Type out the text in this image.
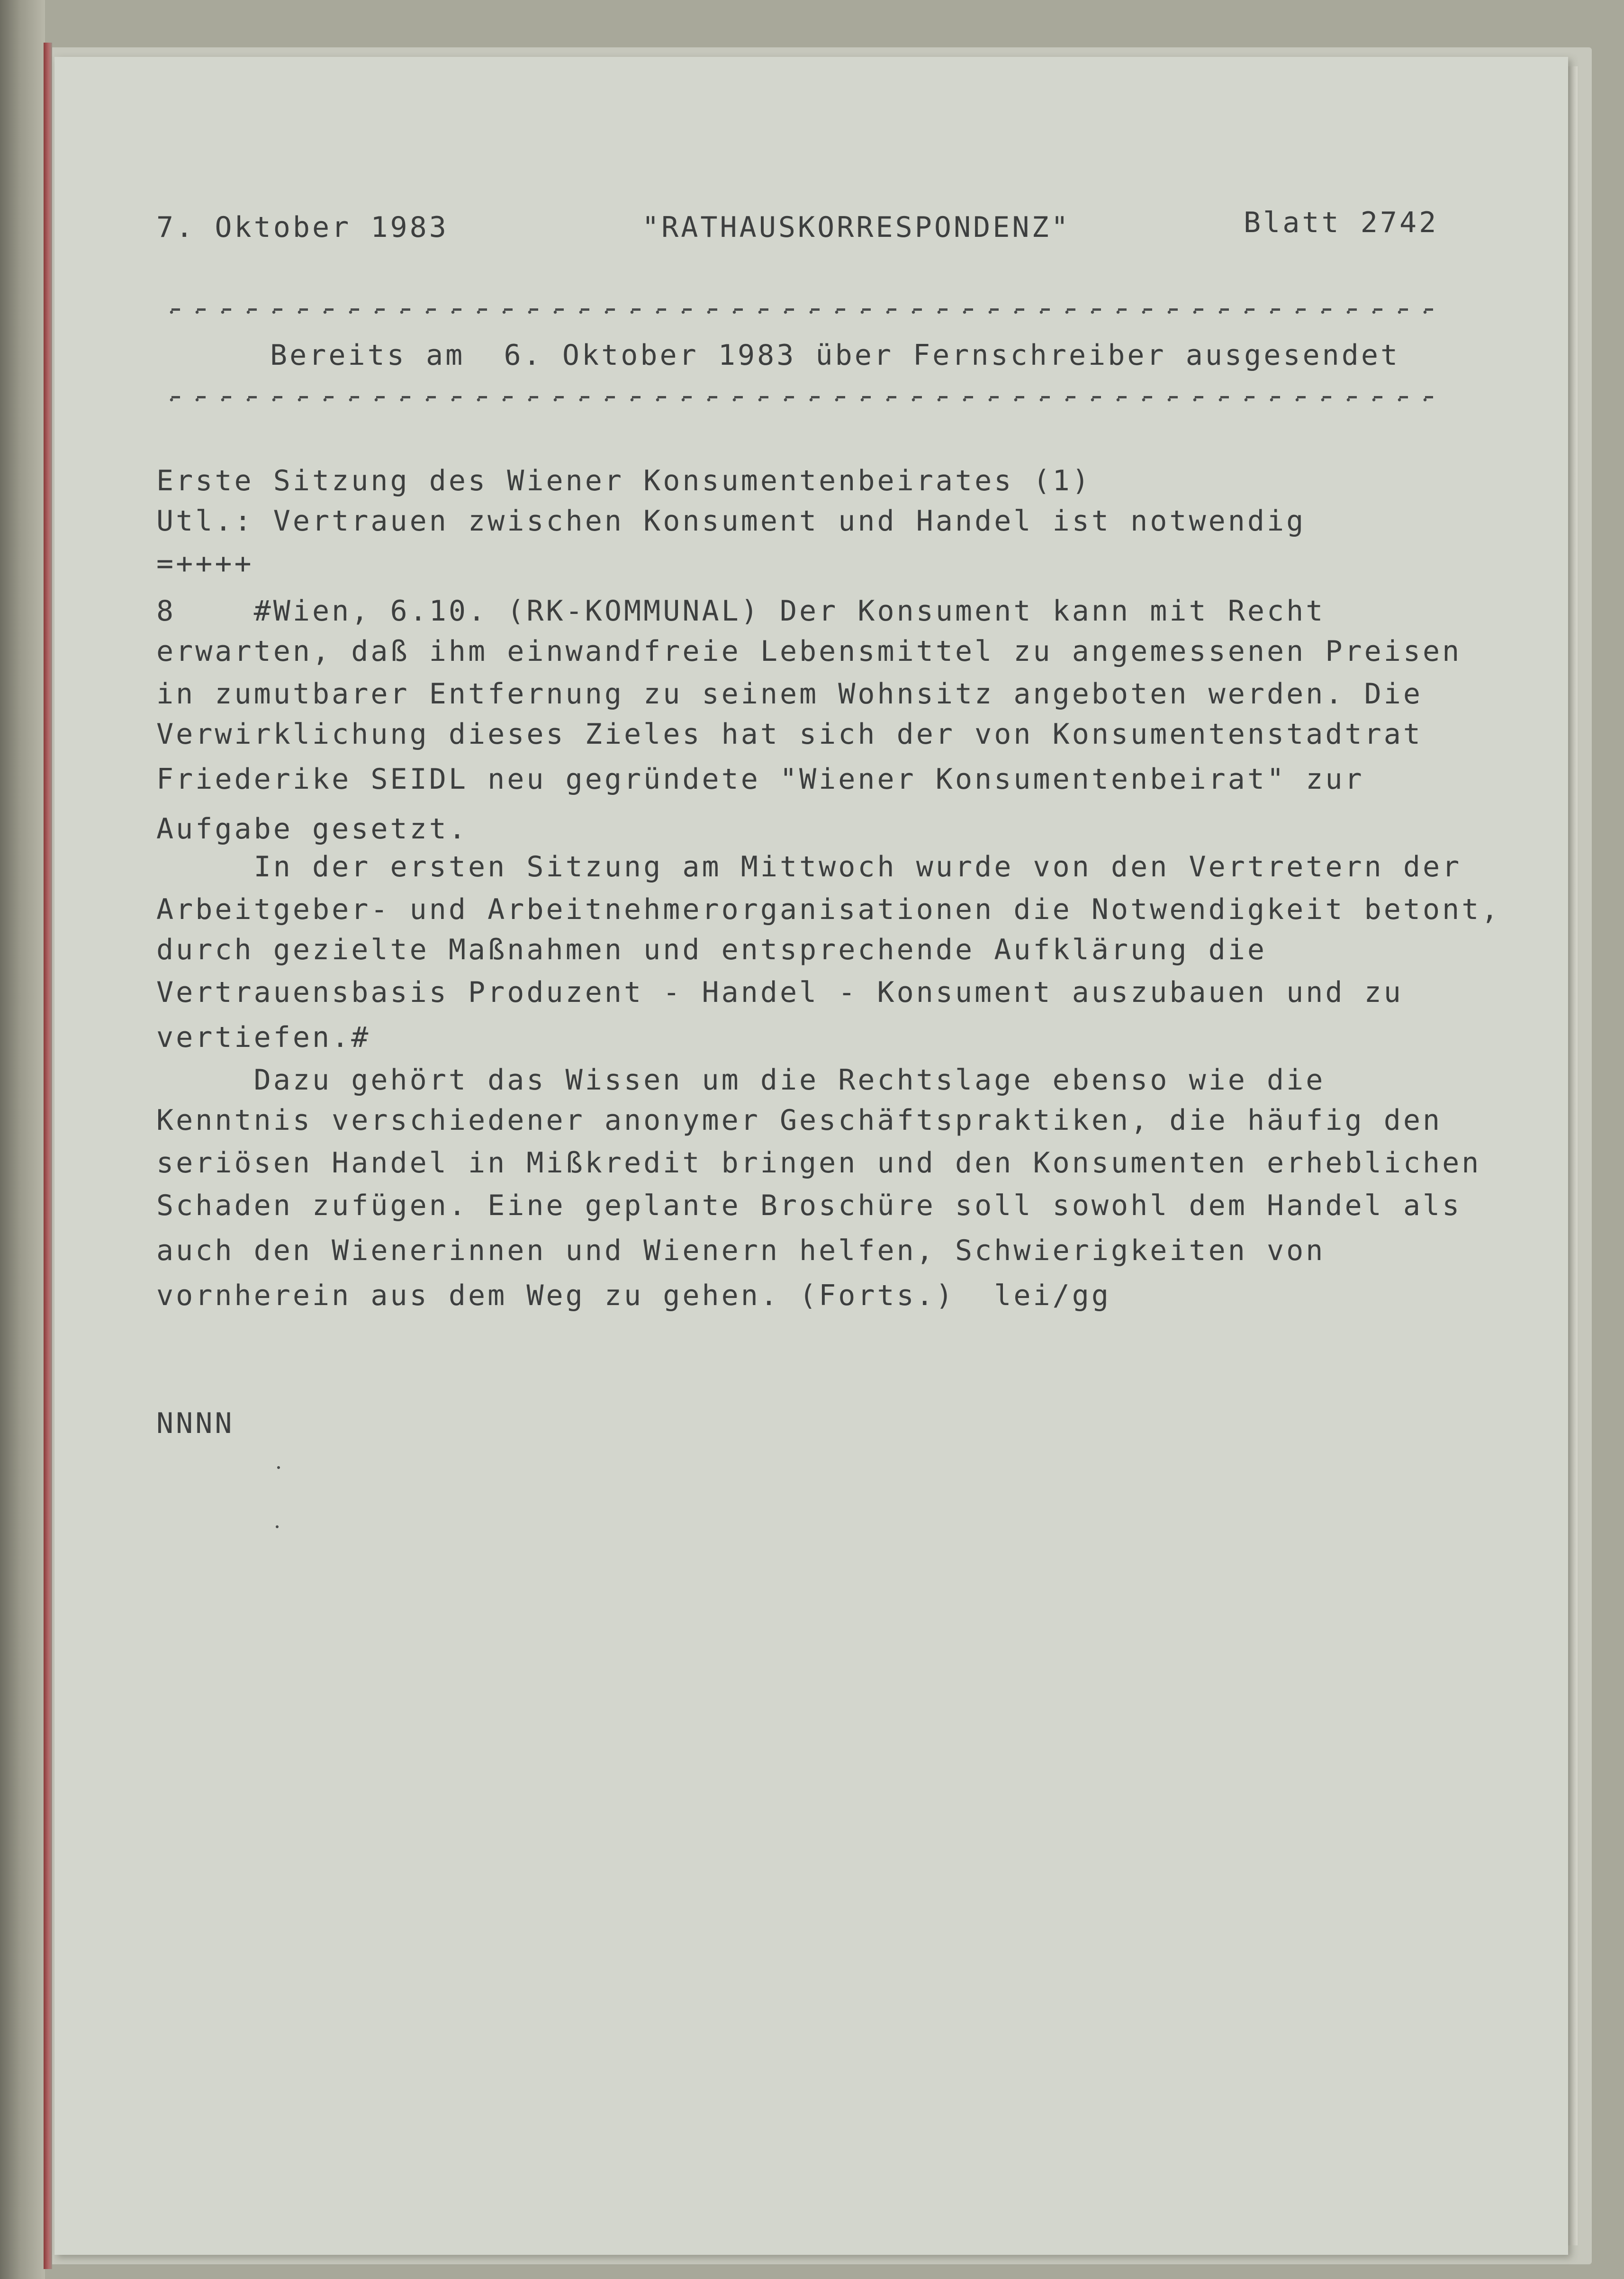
7. Oktober 1983	"RATHAUSKORRESPONDENZ"	Blatt 2742
Bereits am  6. Oktober 1983 über Fernschreiber ausgesendet
Erste Sitzung des Wiener Konsumentenbeirates (1)
Utl.: Vertrauen zwischen Konsument und Handel ist notwendig
=++++
8    #Wien, 6.10. (RK-KOMMUNAL) Der Konsument kann mit Recht
erwarten, daß ihm einwandfreie Lebensmittel zu angemessenen Preisen
in zumutbarer Entfernung zu seinem Wohnsitz angeboten werden. Die
Verwirklichung dieses Zieles hat sich der von Konsumentenstadtrat
Friederike SEIDL neu gegründete "Wiener Konsumentenbeirat" zur
Aufgabe gesetzt.
In der ersten Sitzung am Mittwoch wurde von den Vertretern der
Arbeitgeber- und Arbeitnehmerorganisationen die Notwendigkeit betont,
durch gezielte Maßnahmen und entsprechende Aufklärung die
Vertrauensbasis Produzent - Handel - Konsument auszubauen und zu
vertiefen.#
Dazu gehört das Wissen um die Rechtslage ebenso wie die
Kenntnis verschiedener anonymer Geschäftspraktiken, die häufig den
seriösen Handel in Mißkredit bringen und den Konsumenten erheblichen
Schaden zufügen. Eine geplante Broschüre soll sowohl dem Handel als
auch den Wienerinnen und Wienern helfen, Schwierigkeiten von
vornherein aus dem Weg zu gehen. (Forts.)  lei/gg
NNNN
